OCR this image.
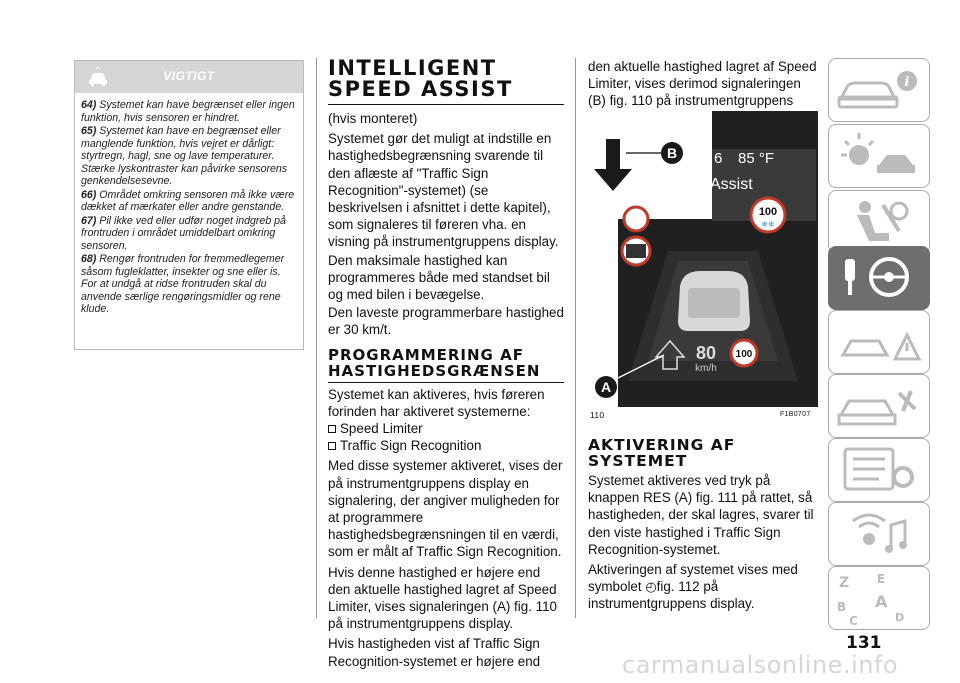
VIGTIGT

64) Systemet kan have begrænset eller ingen funktion, hvis sensoren er hindret.

65) Systemet kan have en begrænset eller manglende funktion, hvis vejret er dårligt: styrtregn, hagl, sne og lave temperaturer. Stærke lyskontraster kan påvirke sensorens genkendelsesevne.

66) Området omkring sensoren må ikke være dækket af mærkater eller andre genstande.

67) Pil ikke ved eller udfør noget indgreb på frontruden i området umiddelbart omkring sensoren.

68) Rengør frontruden for fremmedlegemer såsom fugleklatter, insekter og sne eller is. For at undgå at ridse frontruden skal du anvende særlige rengøringsmidler og rene klude.

INTELLIGENT SPEED ASSIST

(hvis monteret)

Systemet gør det muligt at indstille en hastighedsbegrænsning svarende til den aflæste af "Traffic Sign Recognition"-systemet) (se beskrivelsen i afsnittet i dette kapitel), som signaleres til føreren vha. en visning på instrumentgruppens display.

Den maksimale hastighed kan programmeres både med standset bil og med bilen i bevægelse.

Den laveste programmerbare hastighed er 30 km/t.

PROGRAMMERING AF HASTIGHEDSGRÆNSEN

Systemet kan aktiveres, hvis føreren forinden har aktiveret systemerne:

Speed Limiter
Traffic Sign Recognition

Med disse systemer aktiveret, vises der på instrumentgruppens display en signalering, der angiver muligheden for at programmere hastighedsbegrænsningen til en værdi, som er målt af Traffic Sign Recognition.

Hvis denne hastighed er højere end den aktuelle hastighed lagret af Speed Limiter, vises signaleringen (A) fig. 110 på instrumentgruppens display.

Hvis hastigheden vist af Traffic Sign Recognition-systemet er højere end

den aktuelle hastighed lagret af Speed Limiter, vises derimod signaleringen (B) fig. 110 på instrumentgruppens
B 6 85 °F
Assist
100
❄❄
80
km/h
100
A
110	F1B0707
AKTIVERING AF SYSTEMET

Systemet aktiveres ved tryk på knappen RES (A) fig. 111 på rattet, så hastigheden, der skal lagres, svarer til den viste hastighed i Traffic Sign Recognition-systemet.

Aktiveringen af systemet vises med symbolet ◴fig. 112 på instrumentgruppens display.

i
Z E
B A
C	D
131
carmanualsonline.info
